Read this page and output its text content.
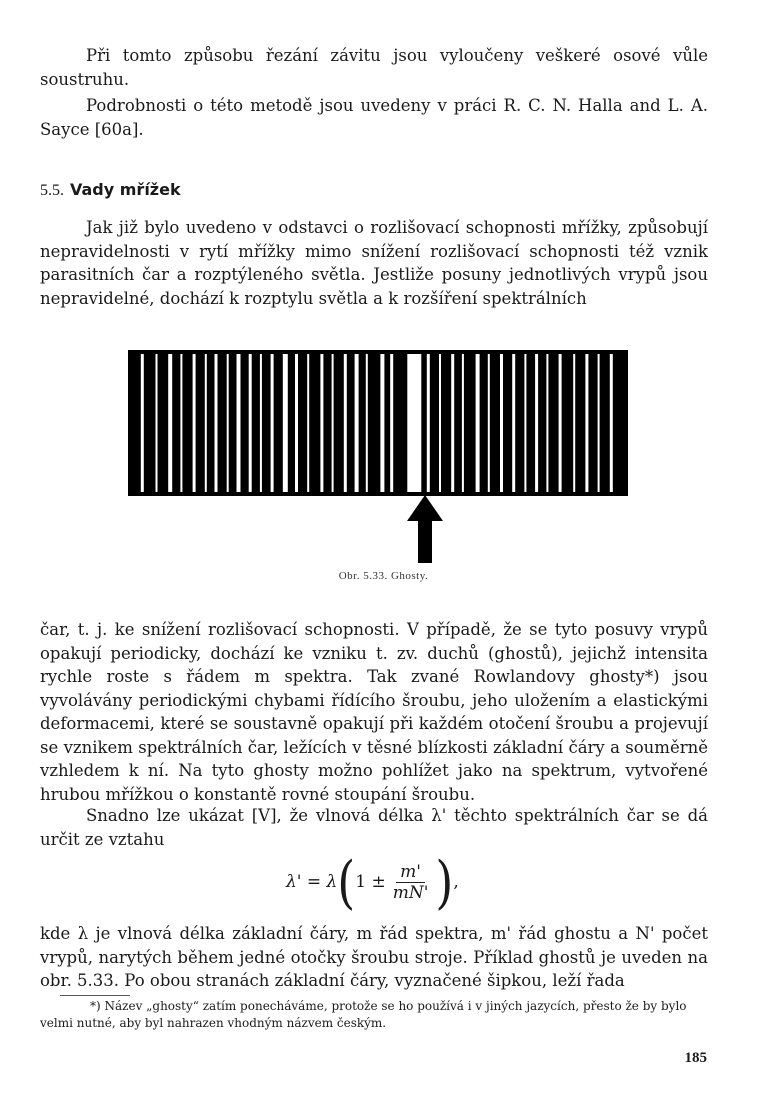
Při tomto způsobu řezání závitu jsou vyloučeny veškeré osové vůle soustruhu.

Podrobnosti o této metodě jsou uvedeny v práci R. C. N. Halla and L. A. Sayce [60a].

5.5. Vady mřížek

Jak již bylo uvedeno v odstavci o rozlišovací schopnosti mřížky, způsobují nepravidelnosti v rytí mřížky mimo snížení rozlišovací schopnosti též vznik parasitních čar a rozptýleného světla. Jestliže posuny jednotlivých vrypů jsou nepravidelné, dochází k rozptylu světla a k rozšíření spektrálních

Obr. 5.33. Ghosty.

čar, t. j. ke snížení rozlišovací schopnosti. V případě, že se tyto posuvy vrypů opakují periodicky, dochází ke vzniku t. zv. duchů (ghostů), jejichž intensita rychle roste s řádem m spektra. Tak zvané Rowlandovy ghosty*) jsou vyvolávány periodickými chybami řídícího šroubu, jeho uložením a elastickými deformacemi, které se soustavně opakují při každém otočení šroubu a projevují se vznikem spektrálních čar, ležících v těsné blízkosti základní čáry a souměrně vzhledem k ní. Na tyto ghosty možno pohlížet jako na spektrum, vytvořené hrubou mřížkou o konstantě rovné stoupání šroubu.

Snadno lze ukázat [V], že vlnová délka λ' těchto spektrálních čar se dá určit ze vztahu

λ' = λ ( $1 \pm \frac{m'}{mN'}$ ) ,

kde λ je vlnová délka základní čáry, m řád spektra, m' řád ghostu a N' počet vrypů, narytých během jedné otočky šroubu stroje. Příklad ghostů je uveden na obr. 5.33. Po obou stranách základní čáry, vyznačené šipkou, leží řada

*) Název „ghosty“ zatím ponecháváme, protože se ho používá i v jiných jazycích, přesto že by bylo velmi nutné, aby byl nahrazen vhodným názvem českým.

185
